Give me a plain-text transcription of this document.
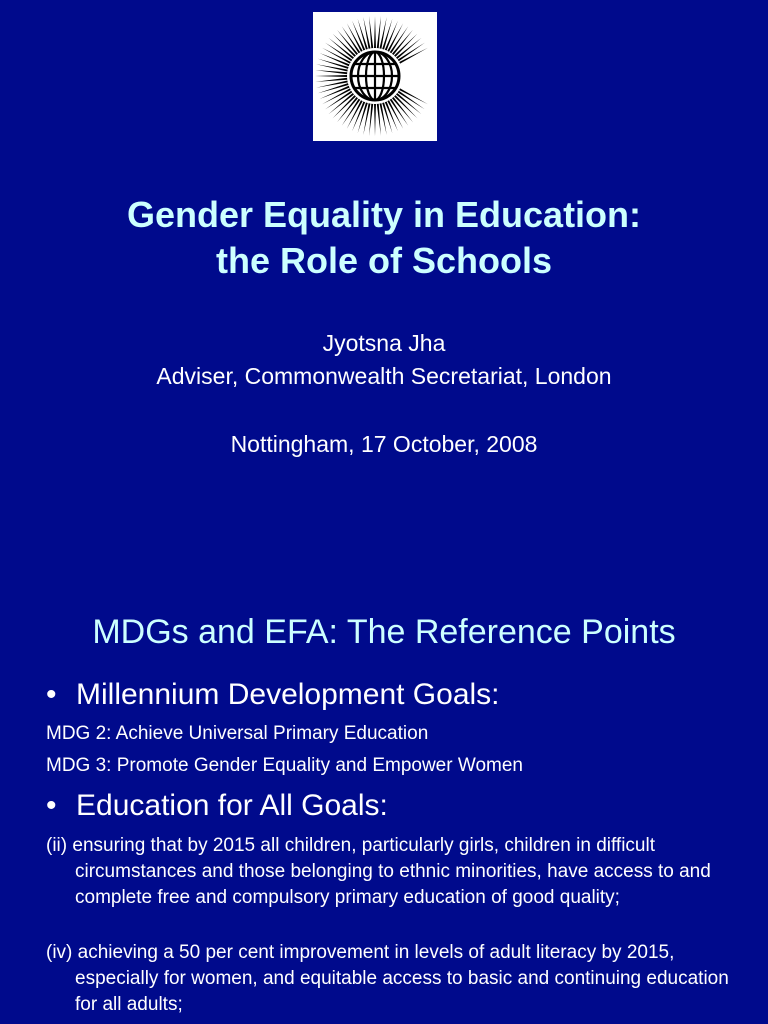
Gender Equality in Education:
the Role of Schools
Jyotsna Jha
Adviser, Commonwealth Secretariat, London
Nottingham, 17 October, 2008
MDGs and EFA: The Reference Points
• Millennium Development Goals:
MDG 2: Achieve Universal Primary Education
MDG 3: Promote Gender Equality and Empower Women
• Education for All Goals:
(ii) ensuring that by 2015 all children, particularly girls, children in difficult circumstances and those belonging to ethnic minorities, have access to and complete free and compulsory primary education of good quality;
(iv) achieving a 50 per cent improvement in levels of adult literacy by 2015, especially for women, and equitable access to basic and continuing education for all adults;
